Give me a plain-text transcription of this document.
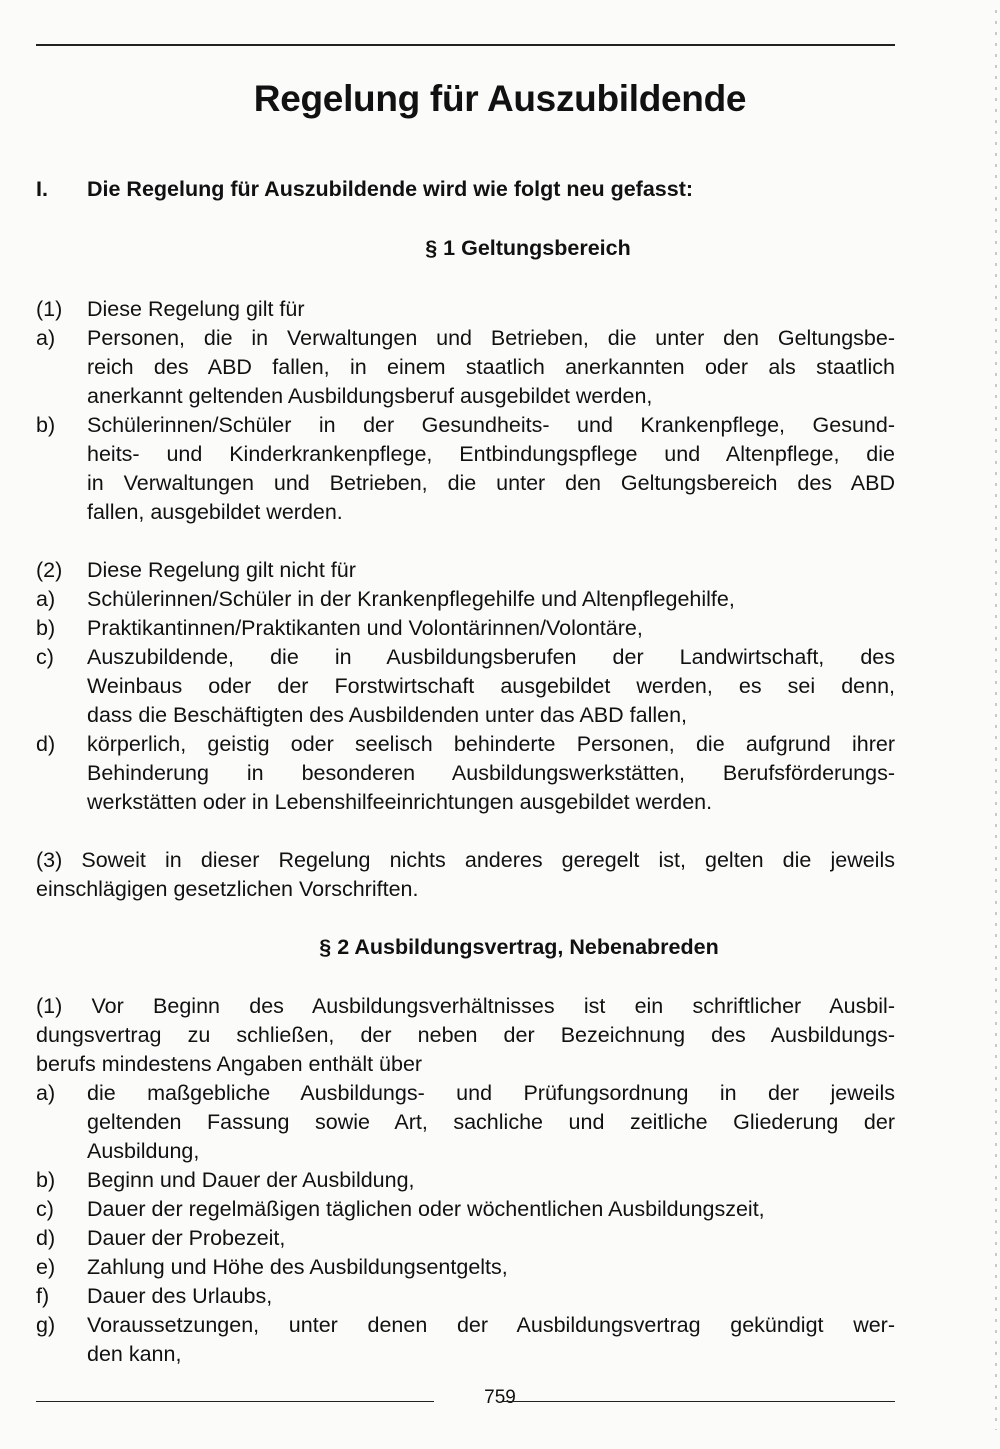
Regelung für Auszubildende
I. Die Regelung für Auszubildende wird wie folgt neu gefasst:
§ 1 Geltungsbereich
(1) Diese Regelung gilt für
a) Personen, die in Verwaltungen und Betrieben, die unter den Geltungsbe-
reich des ABD fallen, in einem staatlich anerkannten oder als staatlich
anerkannt geltenden Ausbildungsberuf ausgebildet werden,
b) Schülerinnen/Schüler in der Gesundheits- und Krankenpflege, Gesund-
heits- und Kinderkrankenpflege, Entbindungspflege und Altenpflege, die
in Verwaltungen und Betrieben, die unter den Geltungsbereich des ABD
fallen, ausgebildet werden.
(2) Diese Regelung gilt nicht für
a) Schülerinnen/Schüler in der Krankenpflegehilfe und Altenpflegehilfe,
b) Praktikantinnen/Praktikanten und Volontärinnen/Volontäre,
c) Auszubildende, die in Ausbildungsberufen der Landwirtschaft, des
Weinbaus oder der Forstwirtschaft ausgebildet werden, es sei denn,
dass die Beschäftigten des Ausbildenden unter das ABD fallen,
d) körperlich, geistig oder seelisch behinderte Personen, die aufgrund ihrer
Behinderung in besonderen Ausbildungswerkstätten, Berufsförderungs-
werkstätten oder in Lebenshilfeeinrichtungen ausgebildet werden.
(3) Soweit in dieser Regelung nichts anderes geregelt ist, gelten die jeweils
einschlägigen gesetzlichen Vorschriften.
§ 2 Ausbildungsvertrag, Nebenabreden
(1) Vor Beginn des Ausbildungsverhältnisses ist ein schriftlicher Ausbil-
dungsvertrag zu schließen, der neben der Bezeichnung des Ausbildungs-
berufs mindestens Angaben enthält über
a) die maßgebliche Ausbildungs- und Prüfungsordnung in der jeweils
geltenden Fassung sowie Art, sachliche und zeitliche Gliederung der
Ausbildung,
b) Beginn und Dauer der Ausbildung,
c) Dauer der regelmäßigen täglichen oder wöchentlichen Ausbildungszeit,
d) Dauer der Probezeit,
e) Zahlung und Höhe des Ausbildungsentgelts,
f) Dauer des Urlaubs,
g) Voraussetzungen, unter denen der Ausbildungsvertrag gekündigt wer-
den kann,
759
